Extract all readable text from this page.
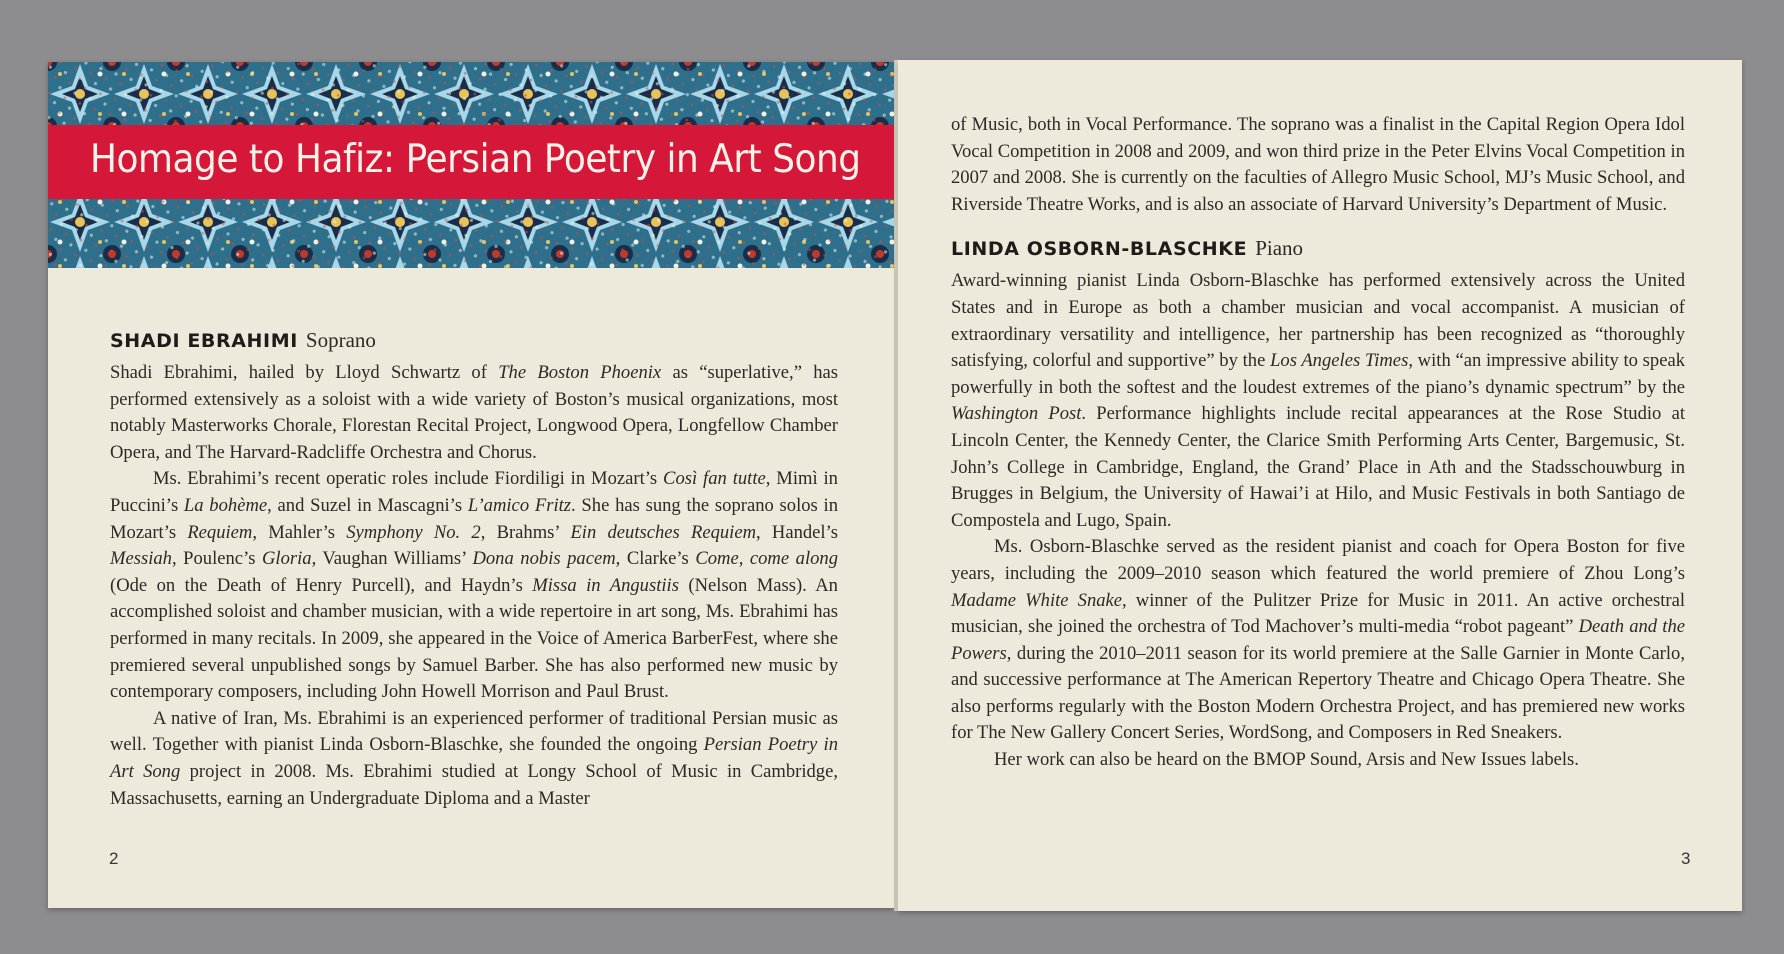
Homage to Hafiz: Persian Poetry in Art Song
SHADI EBRAHIMI Soprano

Shadi Ebrahimi, hailed by Lloyd Schwartz of The Boston Phoenix as “superlative,” has performed extensively as a soloist with a wide variety of Boston’s musical organizations, most notably Masterworks Chorale, Florestan Recital Project, Longwood Opera, Longfellow Chamber Opera, and The Harvard-Radcliffe Orchestra and Chorus.

Ms. Ebrahimi’s recent operatic roles include Fiordiligi in Mozart’s Così fan tutte, Mimì in Puccini’s La bohème, and Suzel in Mascagni’s L’amico Fritz. She has sung the soprano solos in Mozart’s Requiem, Mahler’s Symphony No. 2, Brahms’ Ein deutsches Requiem, Handel’s Messiah, Poulenc’s Gloria, Vaughan Williams’ Dona nobis pacem, Clarke’s Come, come along (Ode on the Death of Henry Purcell), and Haydn’s Missa in Angustiis (Nelson Mass). An accomplished soloist and chamber musician, with a wide repertoire in art song, Ms. Ebrahimi has performed in many recitals. In 2009, she appeared in the Voice of America BarberFest, where she premiered several unpublished songs by Samuel Barber. She has also performed new music by contemporary composers, including John Howell Morrison and Paul Brust.

A native of Iran, Ms. Ebrahimi is an experienced performer of traditional Persian music as well. Together with pianist Linda Osborn-Blaschke, she founded the ongoing Persian Poetry in Art Song project in 2008. Ms. Ebrahimi studied at Longy School of Music in Cambridge, Massachusetts, earning an Undergraduate Diploma and a Master

2

of Music, both in Vocal Performance. The soprano was a finalist in the Capital Region Opera Idol Vocal Competition in 2008 and 2009, and won third prize in the Peter Elvins Vocal Competition in 2007 and 2008. She is currently on the faculties of Allegro Music School, MJ’s Music School, and Riverside Theatre Works, and is also an associate of Harvard University’s Department of Music.

LINDA OSBORN-BLASCHKE Piano

Award-winning pianist Linda Osborn-Blaschke has performed extensively across the United States and in Europe as both a chamber musician and vocal accompanist. A musician of extraordinary versatility and intelligence, her partnership has been recognized as “thoroughly satisfying, colorful and supportive” by the Los Angeles Times, with “an impressive ability to speak powerfully in both the softest and the loudest extremes of the piano’s dynamic spectrum” by the Washington Post. Performance highlights include recital appearances at the Rose Studio at Lincoln Center, the Kennedy Center, the Clarice Smith Performing Arts Center, Bargemusic, St. John’s College in Cambridge, England, the Grand’ Place in Ath and the Stadsschouwburg in Brugges in Belgium, the University of Hawai’i at Hilo, and Music Festivals in both Santiago de Compostela and Lugo, Spain.

Ms. Osborn-Blaschke served as the resident pianist and coach for Opera Boston for five years, including the 2009–2010 season which featured the world premiere of Zhou Long’s Madame White Snake, winner of the Pulitzer Prize for Music in 2011. An active orchestral musician, she joined the orchestra of Tod Machover’s multi-media “robot pageant” Death and the Powers, during the 2010–2011 season for its world premiere at the Salle Garnier in Monte Carlo, and successive performance at The American Repertory Theatre and Chicago Opera Theatre. She also performs regularly with the Boston Modern Orchestra Project, and has premiered new works for The New Gallery Concert Series, WordSong, and Composers in Red Sneakers.

Her work can also be heard on the BMOP Sound, Arsis and New Issues labels.

3
